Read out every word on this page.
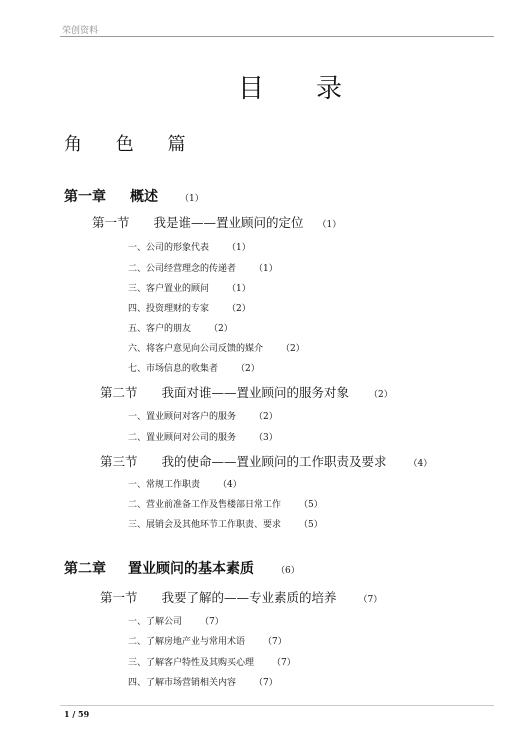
荣创资料
目 录
角 色 篇
第一章 概述 （1）
第一节 我是谁——置业顾问的定位 （1）
一、公司的形象代表 （1）
二、公司经营理念的传递者 （1）
三、客户置业的顾问 （1）
四、投资理财的专家 （2）
五、客户的朋友 （2）
六、将客户意见向公司反馈的媒介 （2）
七、市场信息的收集者 （2）
第二节 我面对谁——置业顾问的服务对象 （2）
一、置业顾问对客户的服务 （2）
二、置业顾问对公司的服务 （3）
第三节 我的使命——置业顾问的工作职责及要求 （4）
一、常规工作职责 （4）
二、营业前准备工作及售楼部日常工作 （5）
三、展销会及其他环节工作职责、要求 （5）
第二章 置业顾问的基本素质 （6）
第一节 我要了解的——专业素质的培养 （7）
一、了解公司 （7）
二、了解房地产业与常用术语 （7）
三、了解客户特性及其购买心理 （7）
四、了解市场营销相关内容 （7）
1 / 59
